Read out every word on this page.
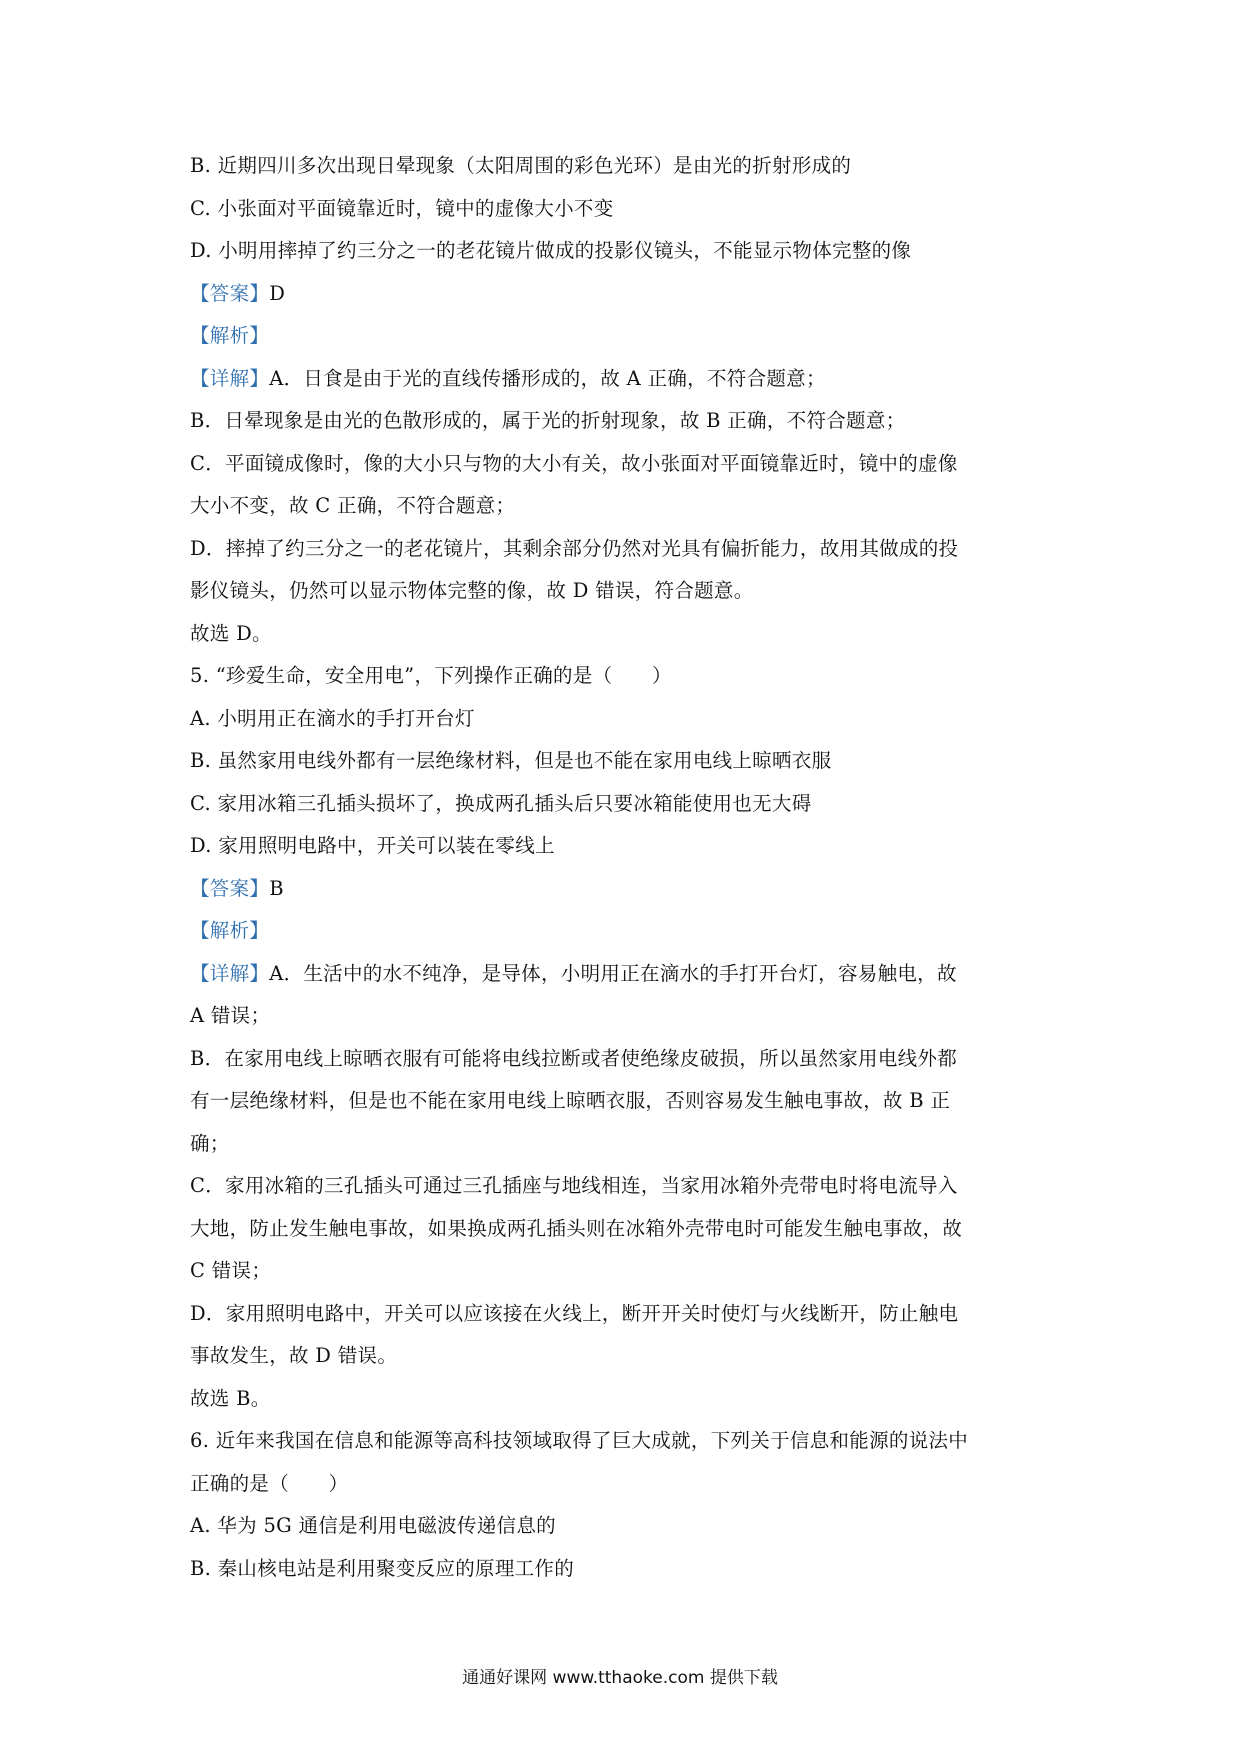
B. 近期四川多次出现日晕现象（太阳周围的彩色光环）是由光的折射形成的
C. 小张面对平面镜靠近时，镜中的虚像大小不变
D. 小明用摔掉了约三分之一的老花镜片做成的投影仪镜头，不能显示物体完整的像
【答案】D
【解析】
【详解】A．日食是由于光的直线传播形成的，故 A 正确，不符合题意；
B．日晕现象是由光的色散形成的，属于光的折射现象，故 B 正确，不符合题意；
C．平面镜成像时，像的大小只与物的大小有关，故小张面对平面镜靠近时，镜中的虚像
大小不变，故 C 正确，不符合题意；
D．摔掉了约三分之一的老花镜片，其剩余部分仍然对光具有偏折能力，故用其做成的投
影仪镜头，仍然可以显示物体完整的像，故 D 错误，符合题意。
故选 D。
5. “珍爱生命，安全用电”，下列操作正确的是（　　）
A. 小明用正在滴水的手打开台灯
B. 虽然家用电线外都有一层绝缘材料，但是也不能在家用电线上晾晒衣服
C. 家用冰箱三孔插头损坏了，换成两孔插头后只要冰箱能使用也无大碍
D. 家用照明电路中，开关可以装在零线上
【答案】B
【解析】
【详解】A．生活中的水不纯净，是导体，小明用正在滴水的手打开台灯，容易触电，故
A 错误；
B．在家用电线上晾晒衣服有可能将电线拉断或者使绝缘皮破损，所以虽然家用电线外都
有一层绝缘材料，但是也不能在家用电线上晾晒衣服，否则容易发生触电事故，故 B 正
确；
C．家用冰箱的三孔插头可通过三孔插座与地线相连，当家用冰箱外壳带电时将电流导入
大地，防止发生触电事故，如果换成两孔插头则在冰箱外壳带电时可能发生触电事故，故
C 错误；
D．家用照明电路中，开关可以应该接在火线上，断开开关时使灯与火线断开，防止触电
事故发生，故 D 错误。
故选 B。
6. 近年来我国在信息和能源等高科技领域取得了巨大成就，下列关于信息和能源的说法中
正确的是（　　）
A. 华为 5G 通信是利用电磁波传递信息的
B. 秦山核电站是利用聚变反应的原理工作的
通通好课网 www.tthaoke.com 提供下载
